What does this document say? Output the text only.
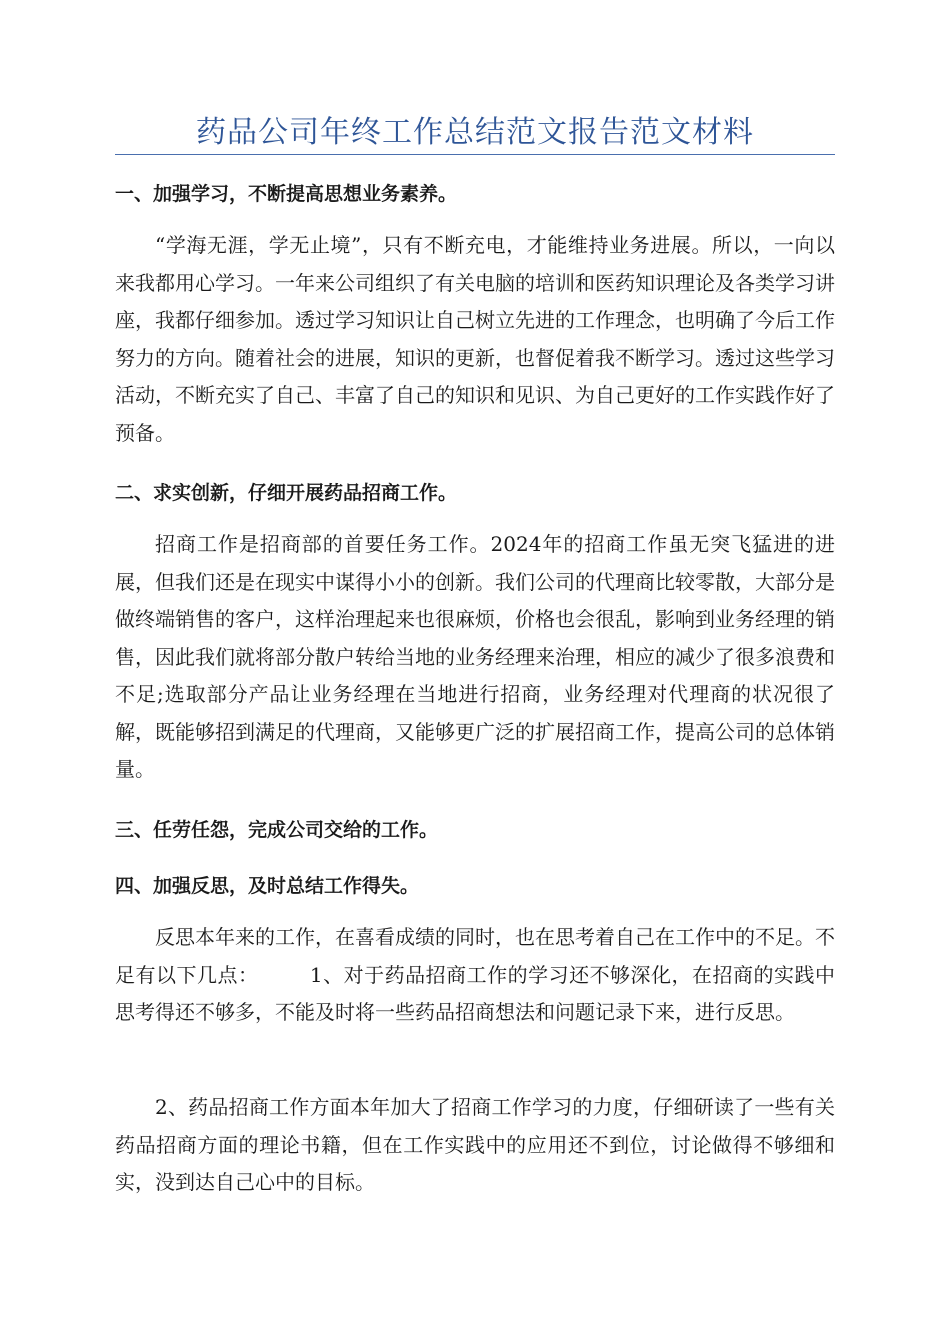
药品公司年终工作总结范文报告范文材料

一、加强学习，不断提高思想业务素养。

“学海无涯，学无止境”，只有不断充电，才能维持业务进展。所以，一向以来我都用心学习。一年来公司组织了有关电脑的培训和医药知识理论及各类学习讲座，我都仔细参加。透过学习知识让自己树立先进的工作理念，也明确了今后工作努力的方向。随着社会的进展，知识的更新，也督促着我不断学习。透过这些学习活动，不断充实了自己、丰富了自己的知识和见识、为自己更好的工作实践作好了预备。

二、求实创新，仔细开展药品招商工作。

招商工作是招商部的首要任务工作。2024年的招商工作虽无突飞猛进的进展，但我们还是在现实中谋得小小的创新。我们公司的代理商比较零散，大部分是做终端销售的客户，这样治理起来也很麻烦，价格也会很乱，影响到业务经理的销售，因此我们就将部分散户转给当地的业务经理来治理，相应的减少了很多浪费和不足;选取部分产品让业务经理在当地进行招商，业务经理对代理商的状况很了解，既能够招到满足的代理商，又能够更广泛的扩展招商工作，提高公司的总体销量。

三、任劳任怨，完成公司交给的工作。

四、加强反思，及时总结工作得失。

反思本年来的工作，在喜看成绩的同时，也在思考着自己在工作中的不足。不足有以下几点：　　　1、对于药品招商工作的学习还不够深化，在招商的实践中思考得还不够多，不能及时将一些药品招商想法和问题记录下来，进行反思。

2、药品招商工作方面本年加大了招商工作学习的力度，仔细研读了一些有关药品招商方面的理论书籍，但在工作实践中的应用还不到位，讨论做得不够细和实，没到达自己心中的目标。
